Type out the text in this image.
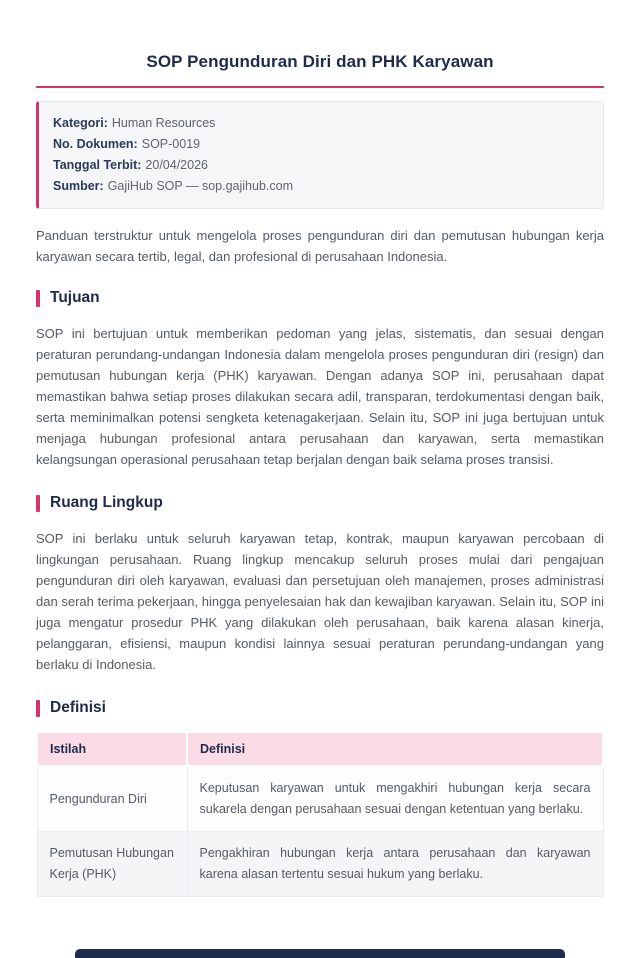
SOP Pengunduran Diri dan PHK Karyawan
Kategori: Human Resources
No. Dokumen: SOP-0019
Tanggal Terbit: 20/04/2026
Sumber: GajiHub SOP — sop.gajihub.com

Panduan terstruktur untuk mengelola proses pengunduran diri dan pemutusan hubungan kerja karyawan secara tertib, legal, dan profesional di perusahaan Indonesia.

Tujuan

SOP ini bertujuan untuk memberikan pedoman yang jelas, sistematis, dan sesuai dengan peraturan perundang-undangan Indonesia dalam mengelola proses pengunduran diri (resign) dan pemutusan hubungan kerja (PHK) karyawan. Dengan adanya SOP ini, perusahaan dapat memastikan bahwa setiap proses dilakukan secara adil, transparan, terdokumentasi dengan baik, serta meminimalkan potensi sengketa ketenagakerjaan. Selain itu, SOP ini juga bertujuan untuk menjaga hubungan profesional antara perusahaan dan karyawan, serta memastikan kelangsungan operasional perusahaan tetap berjalan dengan baik selama proses transisi.

Ruang Lingkup

SOP ini berlaku untuk seluruh karyawan tetap, kontrak, maupun karyawan percobaan di lingkungan perusahaan. Ruang lingkup mencakup seluruh proses mulai dari pengajuan pengunduran diri oleh karyawan, evaluasi dan persetujuan oleh manajemen, proses administrasi dan serah terima pekerjaan, hingga penyelesaian hak dan kewajiban karyawan. Selain itu, SOP ini juga mengatur prosedur PHK yang dilakukan oleh perusahaan, baik karena alasan kinerja, pelanggaran, efisiensi, maupun kondisi lainnya sesuai peraturan perundang-undangan yang berlaku di Indonesia.

Definisi
Istilah	Definisi
Pengunduran Diri	Keputusan karyawan untuk mengakhiri hubungan kerja secara sukarela dengan perusahaan sesuai dengan ketentuan yang berlaku.
Pemutusan Hubungan Kerja (PHK)	Pengakhiran hubungan kerja antara perusahaan dan karyawan karena alasan tertentu sesuai hukum yang berlaku.
